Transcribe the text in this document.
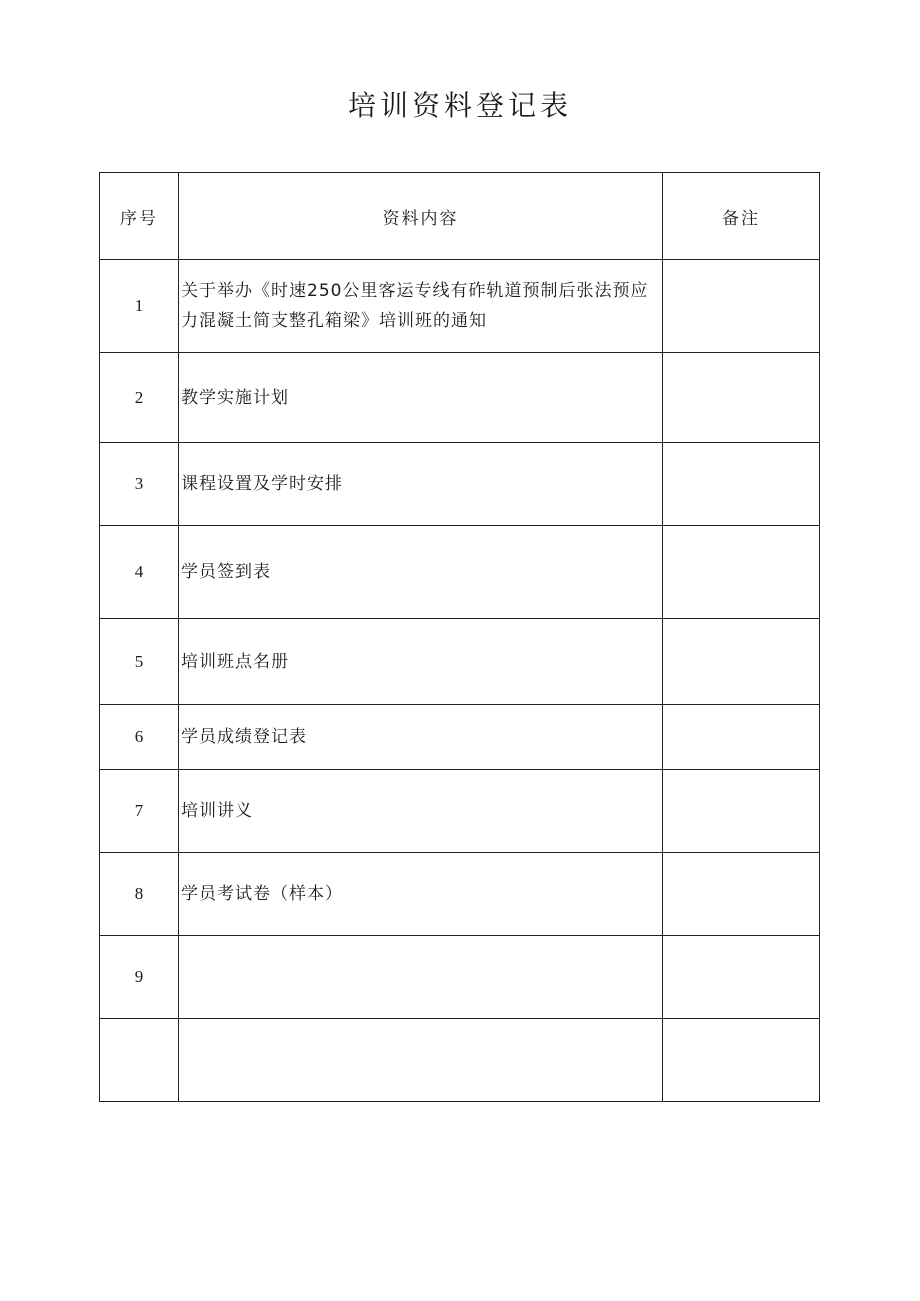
培训资料登记表
序号	资料内容	备注
1	关于举办《时速250公里客运专线有砟轨道预制后张法预应力混凝土简支整孔箱梁》培训班的通知	
2	教学实施计划	
3	课程设置及学时安排	
4	学员签到表	
5	培训班点名册	
6	学员成绩登记表	
7	培训讲义	
8	学员考试卷（样本）	
9		
